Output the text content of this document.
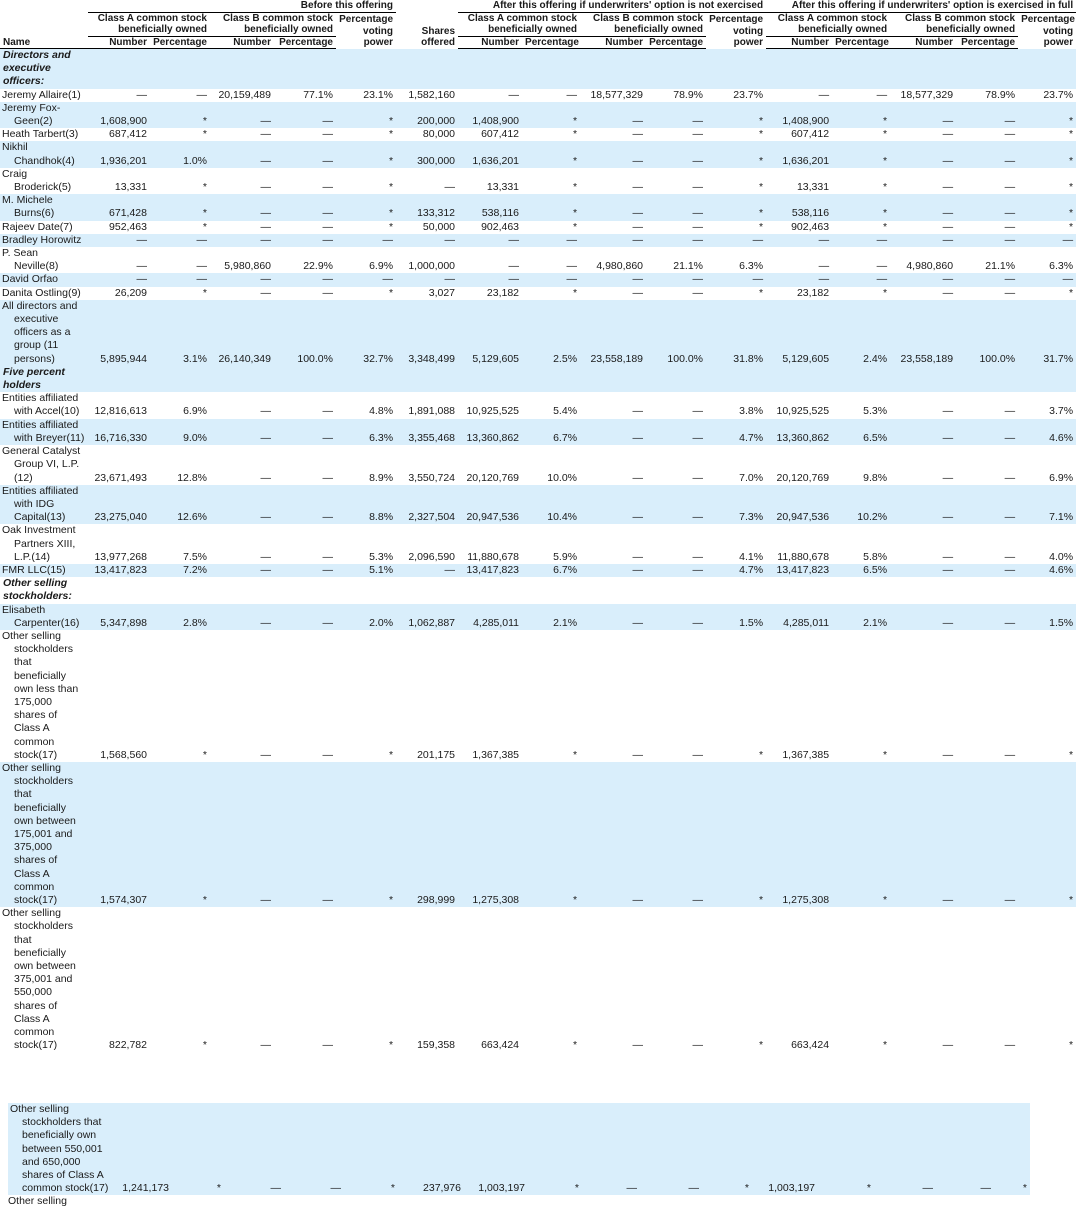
	Before this offering						After this offering if underwriters' option is not exercised					After this offering if underwriters' option is exercised in full				
	Class A common stock beneficially owned		Class B common stock beneficially owned		Percentage voting power	Shares offered	Class A common stock beneficially owned		Class B common stock beneficially owned		Percentage voting power	Class A common stock beneficially owned		Class B common stock beneficially owned		Percentage voting power
Name	Number	Percentage	Number	Percentage			Number	Percentage	Number	Percentage		Number	Percentage	Number	Percentage	
Directors and executive officers:																
Jeremy Allaire(1)	—	—	20,159,489	77.1%	23.1%	1,582,160	—	—	18,577,329	78.9%	23.7%	—	—	18,577,329	78.9%	23.7%
Jeremy Fox-Geen(2)	1,608,900	*	—	—	*	200,000	1,408,900	*	—	—	*	1,408,900	*	—	—	*
Heath Tarbert(3)	687,412	*	—	—	*	80,000	607,412	*	—	—	*	607,412	*	—	—	*
Nikhil Chandhok(4)	1,936,201	1.0%	—	—	*	300,000	1,636,201	*	—	—	*	1,636,201	*	—	—	*
Craig Broderick(5)	13,331	*	—	—	*	—	13,331	*	—	—	*	13,331	*	—	—	*
M. Michele Burns(6)	671,428	*	—	—	*	133,312	538,116	*	—	—	*	538,116	*	—	—	*
Rajeev Date(7)	952,463	*	—	—	*	50,000	902,463	*	—	—	*	902,463	*	—	—	*
Bradley Horowitz	—	—	—	—	—	—	—	—	—	—	—	—	—	—	—	—
P. Sean Neville(8)	—	—	5,980,860	22.9%	6.9%	1,000,000	—	—	4,980,860	21.1%	6.3%	—	—	4,980,860	21.1%	6.3%
David Orfao	—	—	—	—	—	—	—	—	—	—	—	—	—	—	—	—
Danita Ostling(9)	26,209	*	—	—	*	3,027	23,182	*	—	—	*	23,182	*	—	—	*
All directors and executive officers as a group (11 persons)	5,895,944	3.1%	26,140,349	100.0%	32.7%	3,348,499	5,129,605	2.5%	23,558,189	100.0%	31.8%	5,129,605	2.4%	23,558,189	100.0%	31.7%
Five percent holders																
Entities affiliated with Accel(10)	12,816,613	6.9%	—	—	4.8%	1,891,088	10,925,525	5.4%	—	—	3.8%	10,925,525	5.3%	—	—	3.7%
Entities affiliated with Breyer(11)	16,716,330	9.0%	—	—	6.3%	3,355,468	13,360,862	6.7%	—	—	4.7%	13,360,862	6.5%	—	—	4.6%
General Catalyst Group VI, L.P. (12)	23,671,493	12.8%	—	—	8.9%	3,550,724	20,120,769	10.0%	—	—	7.0%	20,120,769	9.8%	—	—	6.9%
Entities affiliated with IDG Capital(13)	23,275,040	12.6%	—	—	8.8%	2,327,504	20,947,536	10.4%	—	—	7.3%	20,947,536	10.2%	—	—	7.1%
Oak Investment Partners XIII, L.P.(14)	13,977,268	7.5%	—	—	5.3%	2,096,590	11,880,678	5.9%	—	—	4.1%	11,880,678	5.8%	—	—	4.0%
FMR LLC(15)	13,417,823	7.2%	—	—	5.1%	—	13,417,823	6.7%	—	—	4.7%	13,417,823	6.5%	—	—	4.6%
Other selling stockholders:																
Elisabeth Carpenter(16)	5,347,898	2.8%	—	—	2.0%	1,062,887	4,285,011	2.1%	—	—	1.5%	4,285,011	2.1%	—	—	1.5%
Other selling stockholders that beneficially own less than 175,000 shares of Class A common stock(17)	1,568,560	*	—	—	*	201,175	1,367,385	*	—	—	*	1,367,385	*	—	—	*
Other selling stockholders that beneficially own between 175,001 and 375,000 shares of Class A common stock(17)	1,574,307	*	—	—	*	298,999	1,275,308	*	—	—	*	1,275,308	*	—	—	*
Other selling stockholders that beneficially own between 375,001 and 550,000 shares of Class A common stock(17)	822,782	*	—	—	*	159,358	663,424	*	—	—	*	663,424	*	—	—	*
Other selling stockholders that beneficially own between 550,001 and 650,000 shares of Class A common stock(17)	1,241,173	*	—	—	*	237,976	1,003,197	*	—	—	*	1,003,197	*	—	—	*
Other selling
